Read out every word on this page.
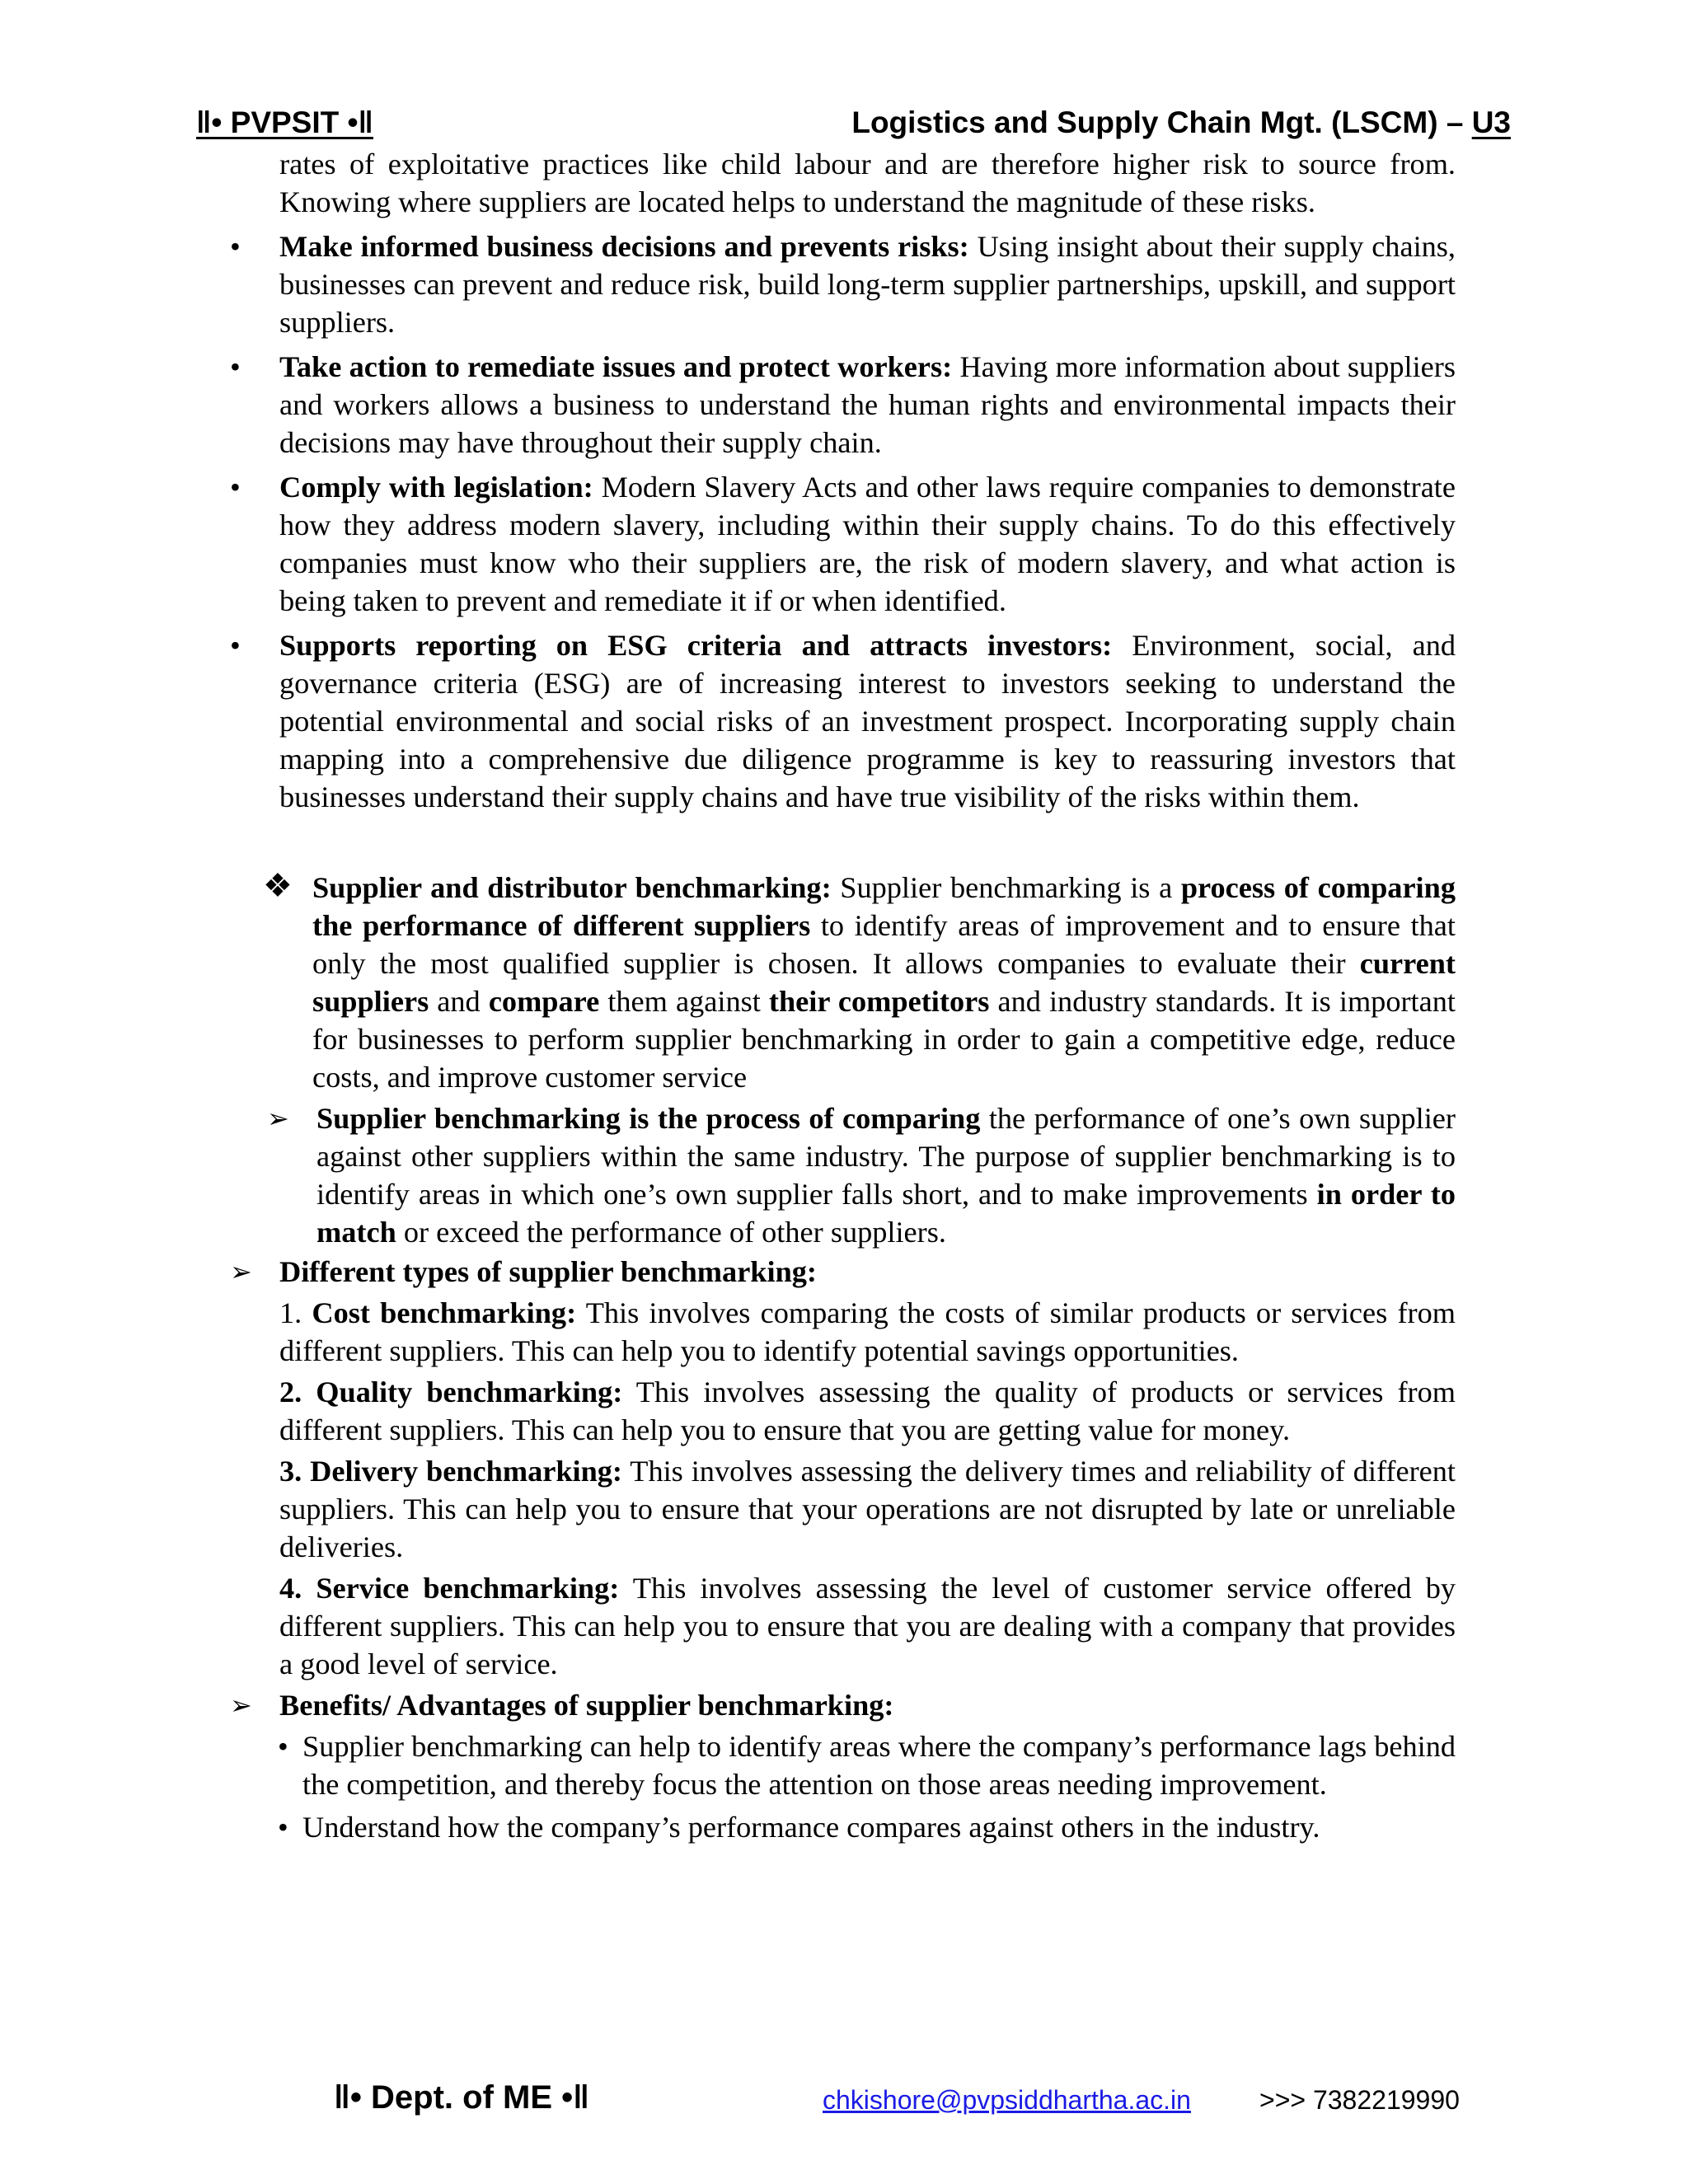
‖• PVPSIT •‖	Logistics and Supply Chain Mgt. (LSCM) – U3

rates of exploitative practices like child labour and are therefore higher risk to source from. Knowing where suppliers are located helps to understand the magnitude of these risks.

• Make informed business decisions and prevents risks: Using insight about their supply chains, businesses can prevent and reduce risk, build long-term supplier partnerships, upskill, and support suppliers.
• Take action to remediate issues and protect workers: Having more information about suppliers and workers allows a business to understand the human rights and environmental impacts their decisions may have throughout their supply chain.
• Comply with legislation: Modern Slavery Acts and other laws require companies to demonstrate how they address modern slavery, including within their supply chains. To do this effectively companies must know who their suppliers are, the risk of modern slavery, and what action is being taken to prevent and remediate it if or when identified.
• Supports reporting on ESG criteria and attracts investors: Environment, social, and governance criteria (ESG) are of increasing interest to investors seeking to understand the potential environmental and social risks of an investment prospect. Incorporating supply chain mapping into a comprehensive due diligence programme is key to reassuring investors that businesses understand their supply chains and have true visibility of the risks within them.
❖ Supplier and distributor benchmarking: Supplier benchmarking is a process of comparing the performance of different suppliers to identify areas of improvement and to ensure that only the most qualified supplier is chosen. It allows companies to evaluate their current suppliers and compare them against their competitors and industry standards. It is important for businesses to perform supplier benchmarking in order to gain a competitive edge, reduce costs, and improve customer service
➢ Supplier benchmarking is the process of comparing the performance of one’s own supplier against other suppliers within the same industry. The purpose of supplier benchmarking is to identify areas in which one’s own supplier falls short, and to make improvements in order to match or exceed the performance of other suppliers.
➢ Different types of supplier benchmarking:
1. Cost benchmarking: This involves comparing the costs of similar products or services from different suppliers. This can help you to identify potential savings opportunities.
2. Quality benchmarking: This involves assessing the quality of products or services from different suppliers. This can help you to ensure that you are getting value for money.
3. Delivery benchmarking: This involves assessing the delivery times and reliability of different suppliers. This can help you to ensure that your operations are not disrupted by late or unreliable deliveries.
4. Service benchmarking: This involves assessing the level of customer service offered by different suppliers. This can help you to ensure that you are dealing with a company that provides a good level of service.
➢ Benefits/ Advantages of supplier benchmarking:
• Supplier benchmarking can help to identify areas where the company’s performance lags behind the competition, and thereby focus the attention on those areas needing improvement.
• Understand how the company’s performance compares against others in the industry.
‖• Dept. of ME •‖	chkishore@pvpsiddhartha.ac.in	>>> 7382219990
